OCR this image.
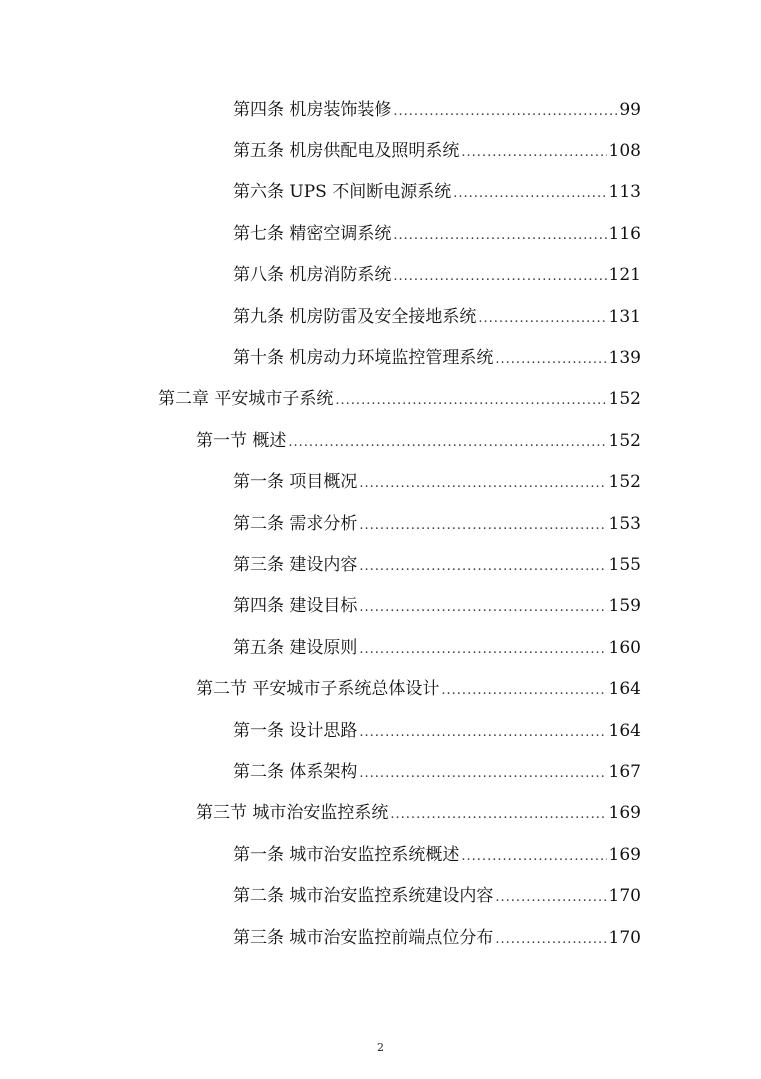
第四条 机房装饰装修 .....	99
第五条 机房供配电及照明系统 .....	108
第六条 UPS 不间断电源系统 .....	113
第七条 精密空调系统 .....	116
第八条 机房消防系统 .....	121
第九条 机房防雷及安全接地系统 .....	131
第十条 机房动力环境监控管理系统 .....	139
第二章 平安城市子系统 .....	152
第一节 概述 .....	152
第一条 项目概况 .....	152
第二条 需求分析 .....	153
第三条 建设内容 .....	155
第四条 建设目标 .....	159
第五条 建设原则 .....	160
第二节 平安城市子系统总体设计 .....	164
第一条 设计思路 .....	164
第二条 体系架构 .....	167
第三节 城市治安监控系统 .....	169
第一条 城市治安监控系统概述 .....	169
第二条 城市治安监控系统建设内容 .....	170
第三条 城市治安监控前端点位分布 .....	170
2
